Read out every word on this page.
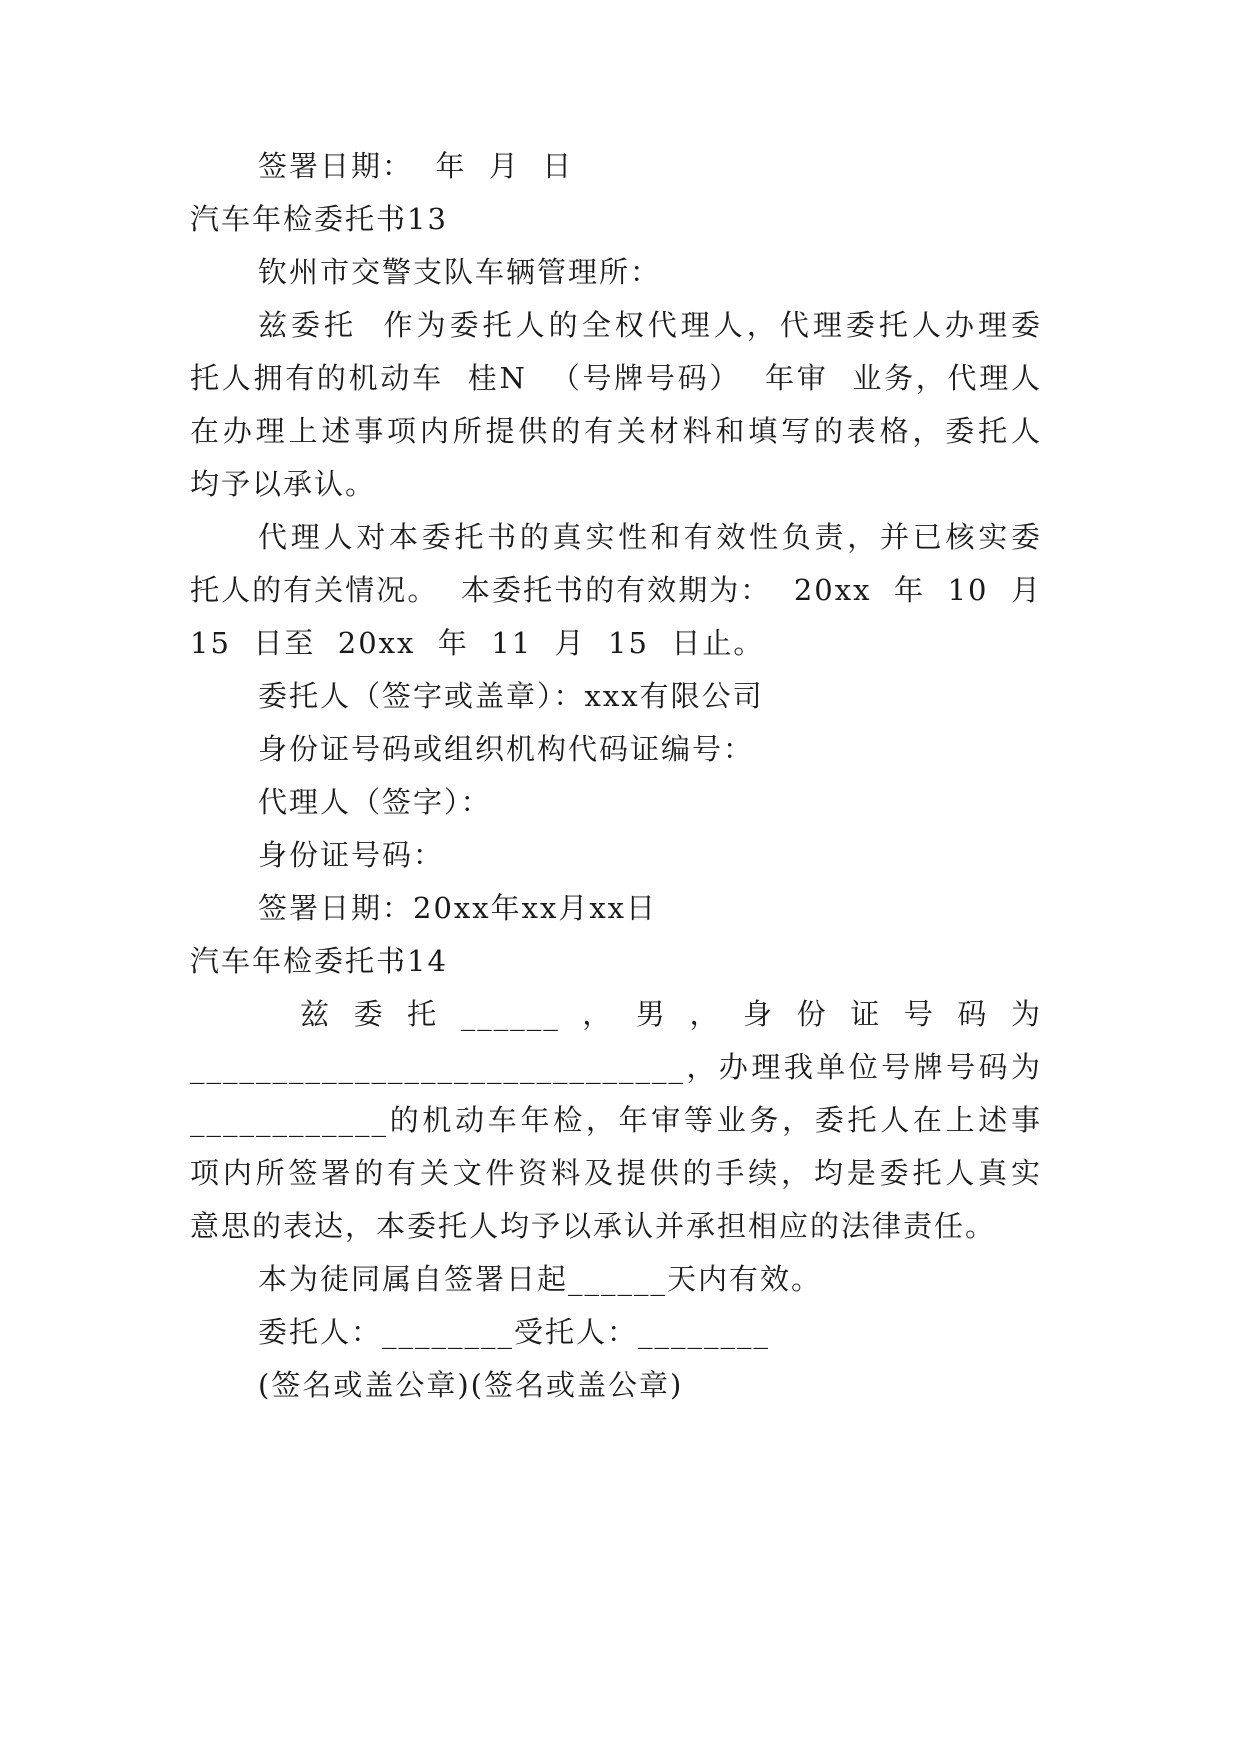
签署日期：  年  月  日
汽车年检委托书13
钦州市交警支队车辆管理所：
兹委托  作为委托人的全权代理人，代理委托人办理委
托人拥有的机动车  桂N  （号牌号码）  年审  业务，代理人
在办理上述事项内所提供的有关材料和填写的表格，委托人
均予以承认。
代理人对本委托书的真实性和有效性负责，并已核实委
托人的有关情况。  本委托书的有效期为：  20xx  年  10  月
15  日至  20xx  年  11  月  15  日止。
委托人（签字或盖章）：xxx有限公司
身份证号码或组织机构代码证编号：
代理人（签字）：
身份证号码：
签署日期：20xx年xx月xx日
汽车年检委托书14
兹  委  托  ______  ，  男  ，  身  份  证  号  码  为
______________________________，办理我单位号牌号码为
____________的机动车年检，年审等业务，委托人在上述事
项内所签署的有关文件资料及提供的手续，均是委托人真实
意思的表达，本委托人均予以承认并承担相应的法律责任。
本为徒同属自签署日起______天内有效。
委托人：________受托人：________
(签名或盖公章)(签名或盖公章)
